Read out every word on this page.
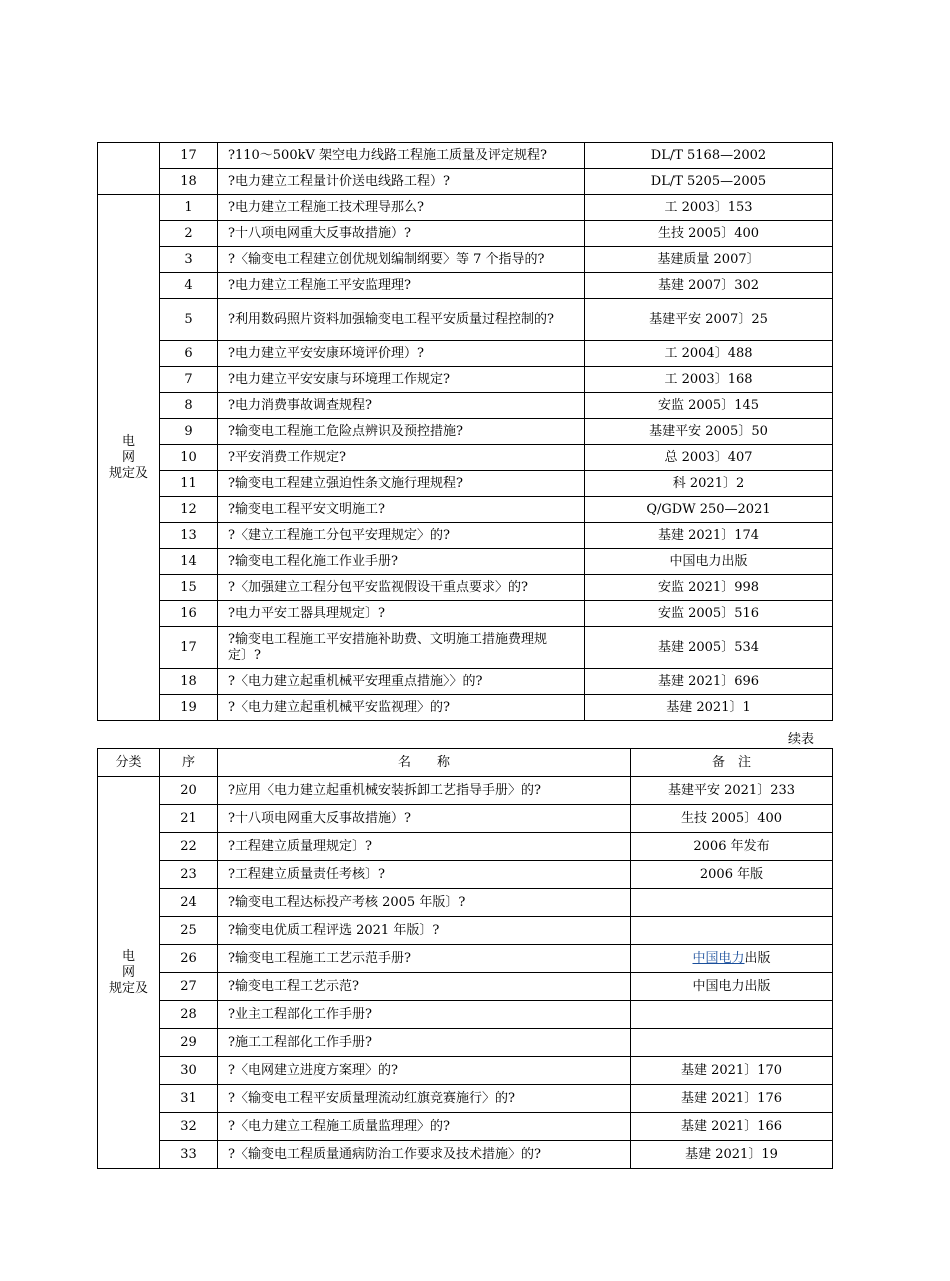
	17	?110～500kV 架空电力线路工程施工质量及评定规程?	DL/T 5168—2002
	18	?电力建立工程量计价送电线路工程）?	DL/T 5205—2005

电
网
规定及	1	?电力建立工程施工技术理导那么?	工 2003〕153
	2	?十八项电网重大反事故措施）?	生技 2005〕400
	3	?〈输变电工程建立创优规划编制纲要〉等 7 个指导的?	基建质量 2007〕
	4	?电力建立工程施工平安监理理?	基建 2007〕302
	5	?利用数码照片资料加强输变电工程平安质量过程控制的?	基建平安 2007〕25
	6	?电力建立平安安康环境评价理）?	工 2004〕488
	7	?电力建立平安安康与环境理工作规定?	工 2003〕168
	8	?电力消费事故调查规程?	安监 2005〕145
	9	?输变电工程施工危险点辨识及预控措施?	基建平安 2005〕50
	10	?平安消费工作规定?	总 2003〕407
	11	?输变电工程建立强迫性条文施行理规程?	科 2021〕2
	12	?输变电工程平安文明施工?	Q/GDW 250—2021
	13	?〈建立工程施工分包平安理规定〉的?	基建 2021〕174
	14	?输变电工程化施工作业手册?	中国电力出版
	15	?〈加强建立工程分包平安监视假设干重点要求〉的?	安监 2021〕998
	16	?电力平安工器具理规定〕?	安监 2005〕516
	17	?输变电工程施工平安措施补助费、文明施工措施费理规定〕?	基建 2005〕534
	18	?〈电力建立起重机械平安理重点措施〉〉的?	基建 2021〕696
	19	?〈电力建立起重机械平安监视理〉的?	基建 2021〕1
续表
分类	序	名　　称	备　注

电
网
规定及	20	?应用〈电力建立起重机械安装拆卸工艺指导手册〉的?	基建平安 2021〕233
	21	?十八项电网重大反事故措施）?	生技 2005〕400
	22	?工程建立质量理规定〕?	2006 年发布
	23	?工程建立质量责任考核〕?	2006 年版
	24	?输变电工程达标投产考核 2005 年版〕?	
	25	?输变电优质工程评选 2021 年版〕?	
	26	?输变电工程施工工艺示范手册?	中国电力出版
	27	?输变电工程工艺示范?	中国电力出版
	28	?业主工程部化工作手册?	
	29	?施工工程部化工作手册?	
	30	?〈电网建立进度方案理〉的?	基建 2021〕170
	31	?〈输变电工程平安质量理流动红旗竞赛施行〉的?	基建 2021〕176
	32	?〈电力建立工程施工质量监理理〉的?	基建 2021〕166
	33	?〈输变电工程质量通病防治工作要求及技术措施〉的?	基建 2021〕19
